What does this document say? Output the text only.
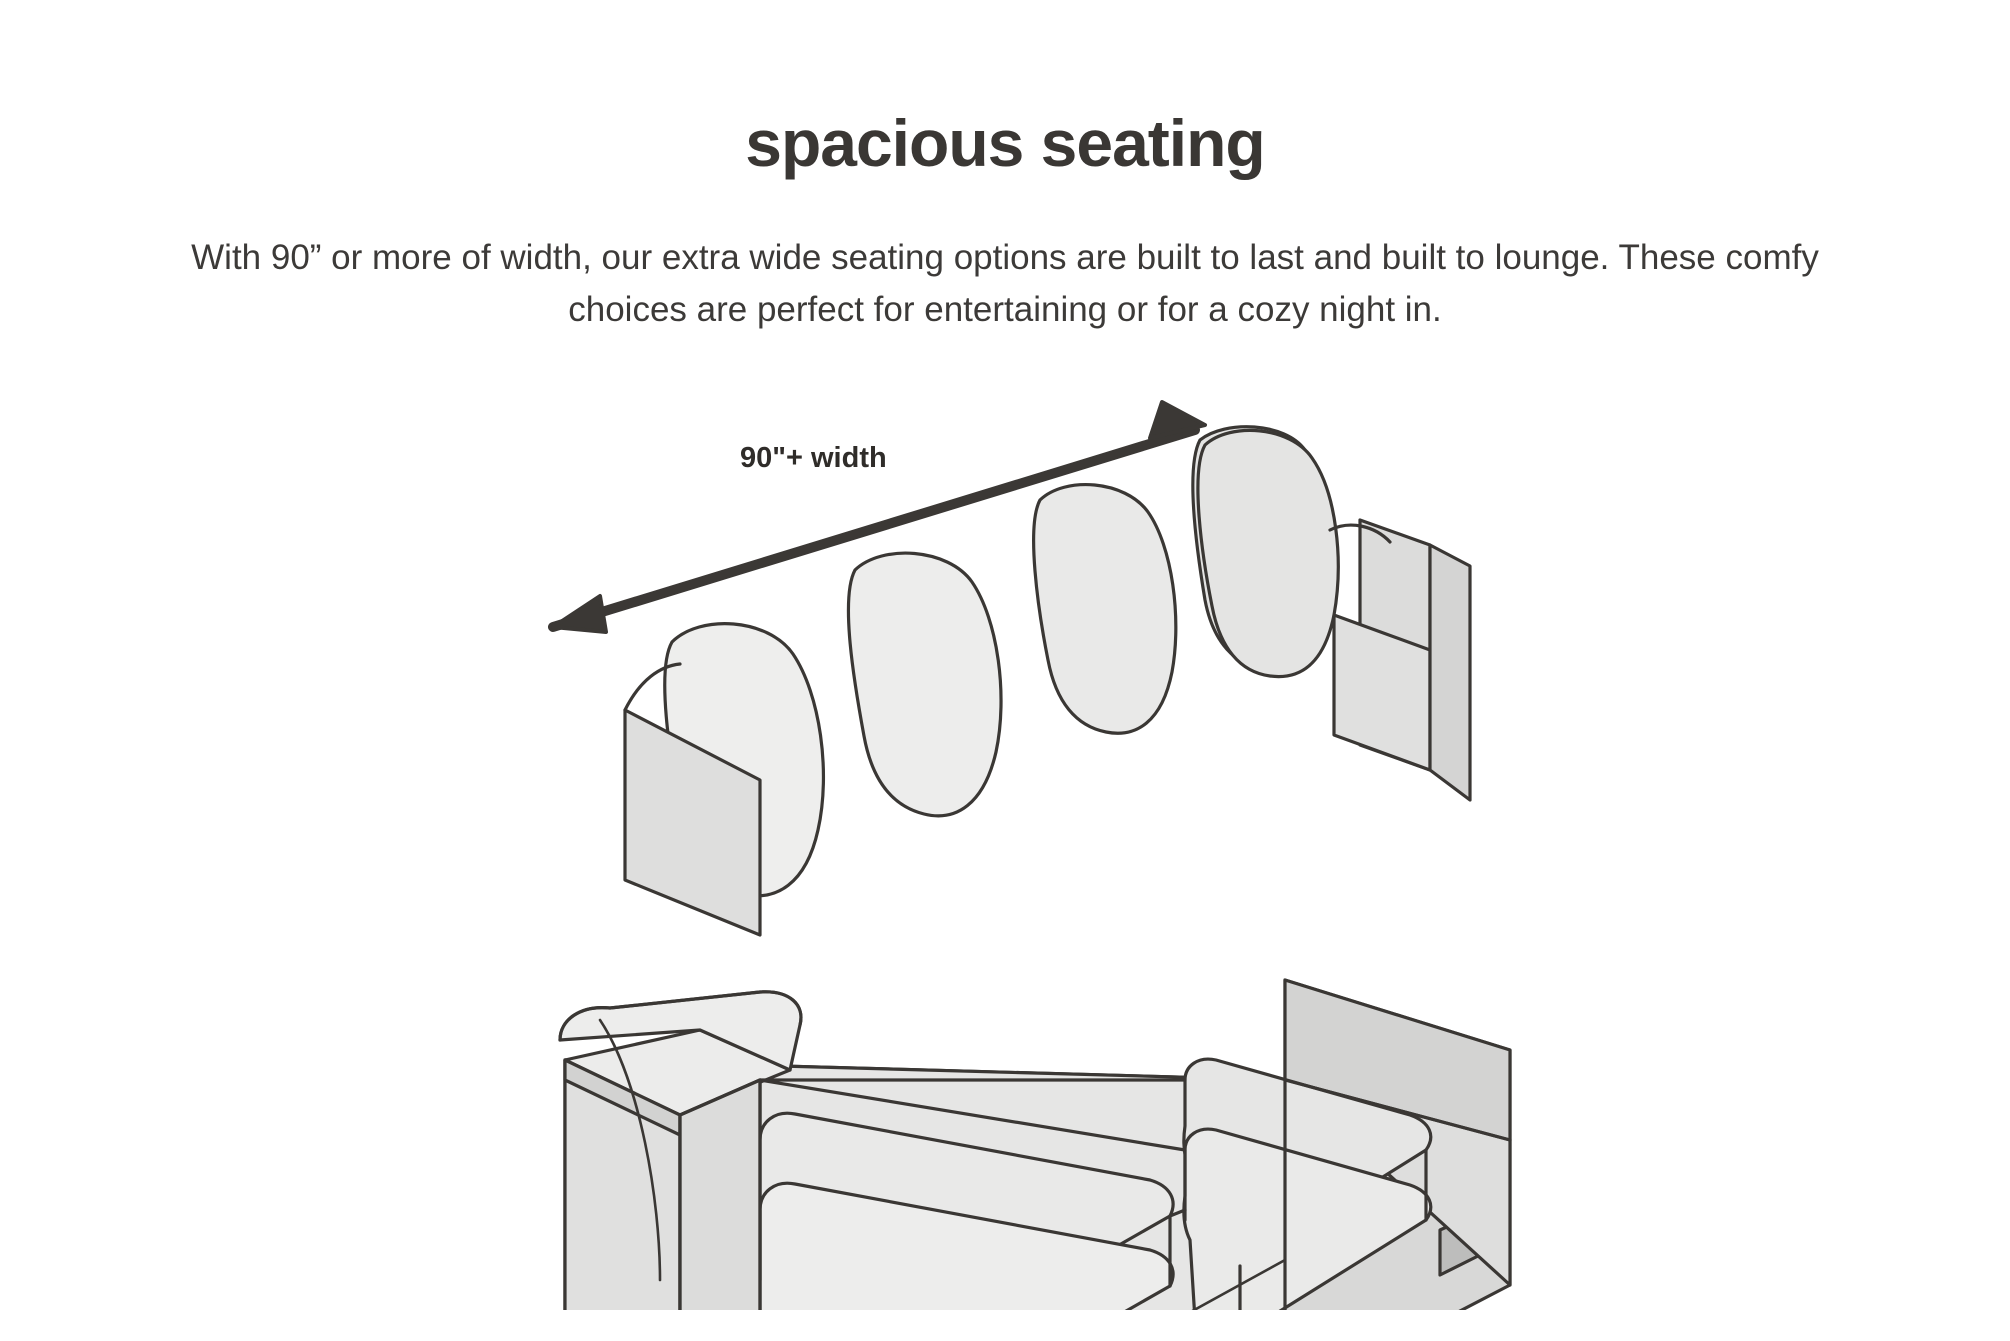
spacious seating
With 90” or more of width, our extra wide seating options are built to last and built to lounge. These comfy choices are perfect for entertaining or for a cozy night in.
90"+ width
